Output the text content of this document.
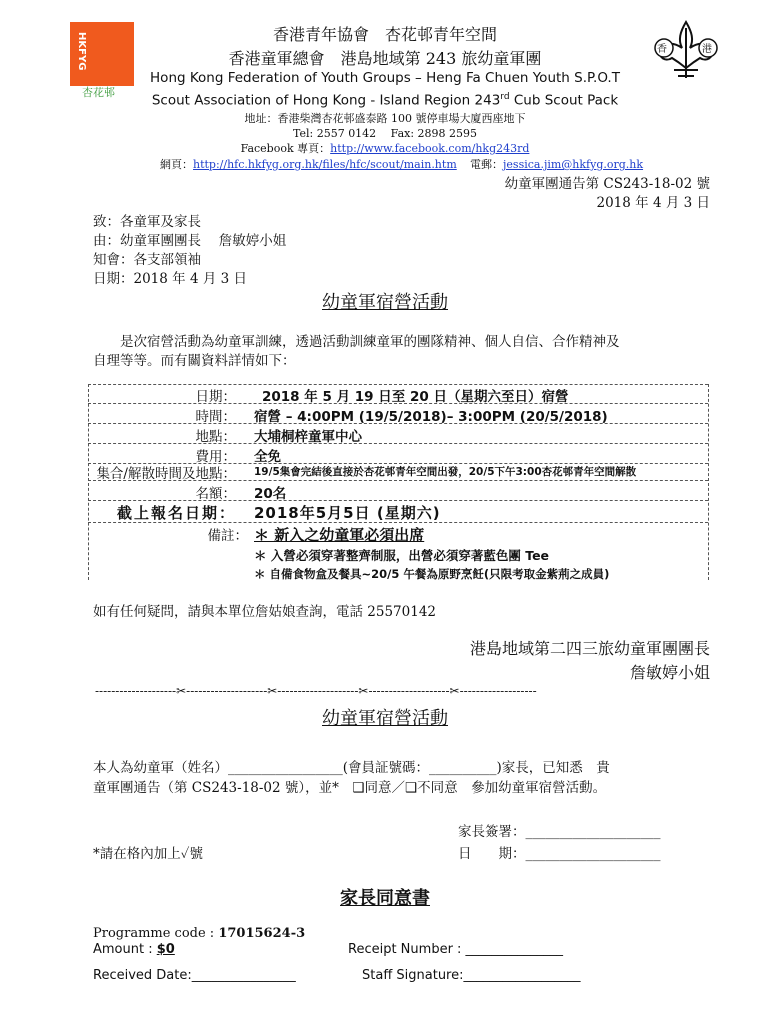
HKFYG
杏花邨
香	港
香港青年協會　杏花邨青年空間
香港童軍總會　港島地域第 243 旅幼童軍團
Hong Kong Federation of Youth Groups – Heng Fa Chuen Youth S.P.O.T
Scout Association of Hong Kong - Island Region 243rd Cub Scout Pack
地址：香港柴灣杏花邨盛泰路 100 號停車場大廈西座地下
Tel: 2557 0142　 Fax: 2898 2595
Facebook 專頁：http://www.facebook.com/hkg243rd
網頁：http://hfc.hkfyg.org.hk/files/hfc/scout/main.htm 電郵：jessica.jim@hkfyg.org.hk
幼童軍團通告第 CS243-18-02 號
2018 年 4 月 3 日
致：各童軍及家長
由：幼童軍團團長　 詹敏婷小姐
知會：各支部領袖
日期：2018 年 4 月 3 日
幼童軍宿營活動
是次宿營活動為幼童軍訓練，透過活動訓練童軍的團隊精神、個人自信、合作精神及
自理等等。而有關資料詳情如下：
日期： 2018 年 5 月 19 日至 20 日（星期六至日）宿營
時間： 宿營 – 4:00PM (19/5/2018)– 3:00PM (20/5/2018)
地點： 大埔桐梓童軍中心
費用： 全免
集合/解散時間及地點： 19/5集會完結後直接於杏花邨青年空間出發，20/5下午3:00杏花邨青年空間解散
名額： 20名
截上報名日期： 2018年5月5日 (星期六)
備註： ＊ 新入之幼童軍必須出席
＊ 入營必須穿著整齊制服，出營必須穿著藍色團 Tee
＊ 自備食物盒及餐具~20/5 午餐為原野烹飪(只限考取金紫荊之成員)
如有任何疑問，請與本單位詹姑娘查詢，電話 25570142
港島地域第二四三旅幼童軍團團長
詹敏婷小姐
--------------------✂--------------------✂--------------------✂--------------------✂-------------------
幼童軍宿營活動
本人為幼童軍（姓名）_________________(會員証號碼：__________)家長，已知悉　貴
童軍團通告（第 CS243-18-02 號），並*　❑同意／❑不同意　參加幼童軍宿營活動。
家長簽署：____________________
日　　期：____________________
*請在格內加上✓號
家長同意書
Programme code : 17015624-3
Amount : $0	Receipt Number : _______________
Received Date:________________	Staff Signature:__________________
